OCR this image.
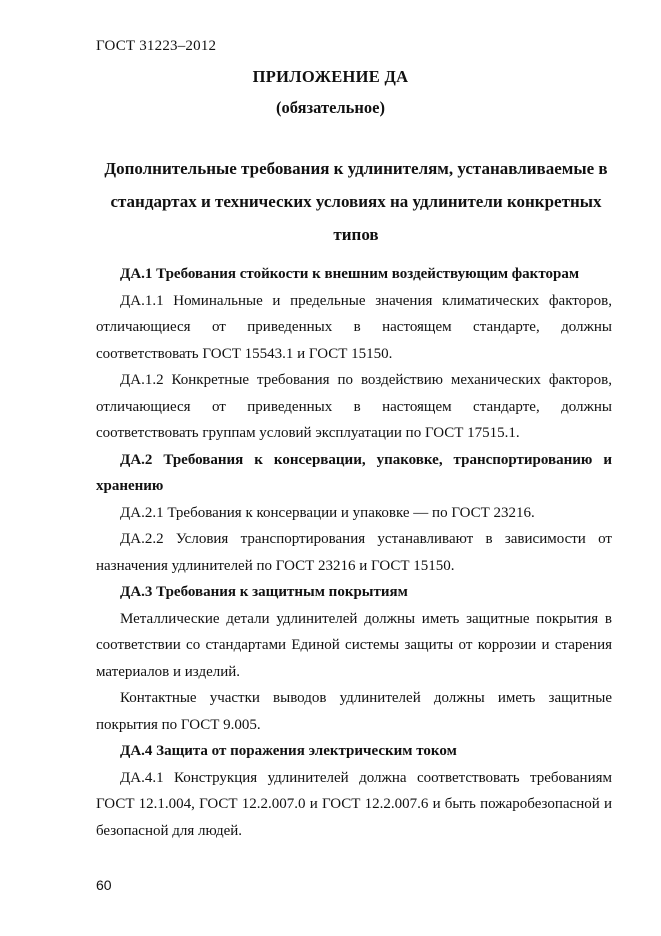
ГОСТ 31223–2012
ПРИЛОЖЕНИЕ ДА
(обязательное)
Дополнительные требования к удлинителям, устанавливаемые в стандартах и технических условиях на удлинители конкретных типов

ДА.1 Требования стойкости к внешним воздействующим факторам

ДА.1.1 Номинальные и предельные значения климатических факторов, отличающиеся от приведенных в настоящем стандарте, должны соответствовать ГОСТ 15543.1 и ГОСТ 15150.

ДА.1.2 Конкретные требования по воздействию механических факторов, отличающиеся от приведенных в настоящем стандарте, должны соответствовать группам условий эксплуатации по ГОСТ 17515.1.

ДА.2 Требования к консервации, упаковке, транспортированию и хранению

ДА.2.1 Требования к консервации и упаковке — по ГОСТ 23216.

ДА.2.2 Условия транспортирования устанавливают в зависимости от назначения удлинителей по ГОСТ 23216 и ГОСТ 15150.

ДА.3 Требования к защитным покрытиям

Металлические детали удлинителей должны иметь защитные покрытия в соответствии со стандартами Единой системы защиты от коррозии и старения материалов и изделий.

Контактные участки выводов удлинителей должны иметь защитные покрытия по ГОСТ 9.005.

ДА.4 Защита от поражения электрическим током

ДА.4.1 Конструкция удлинителей должна соответствовать требованиям ГОСТ 12.1.004, ГОСТ 12.2.007.0 и ГОСТ 12.2.007.6 и быть пожаробезопасной и безопасной для людей.

60
